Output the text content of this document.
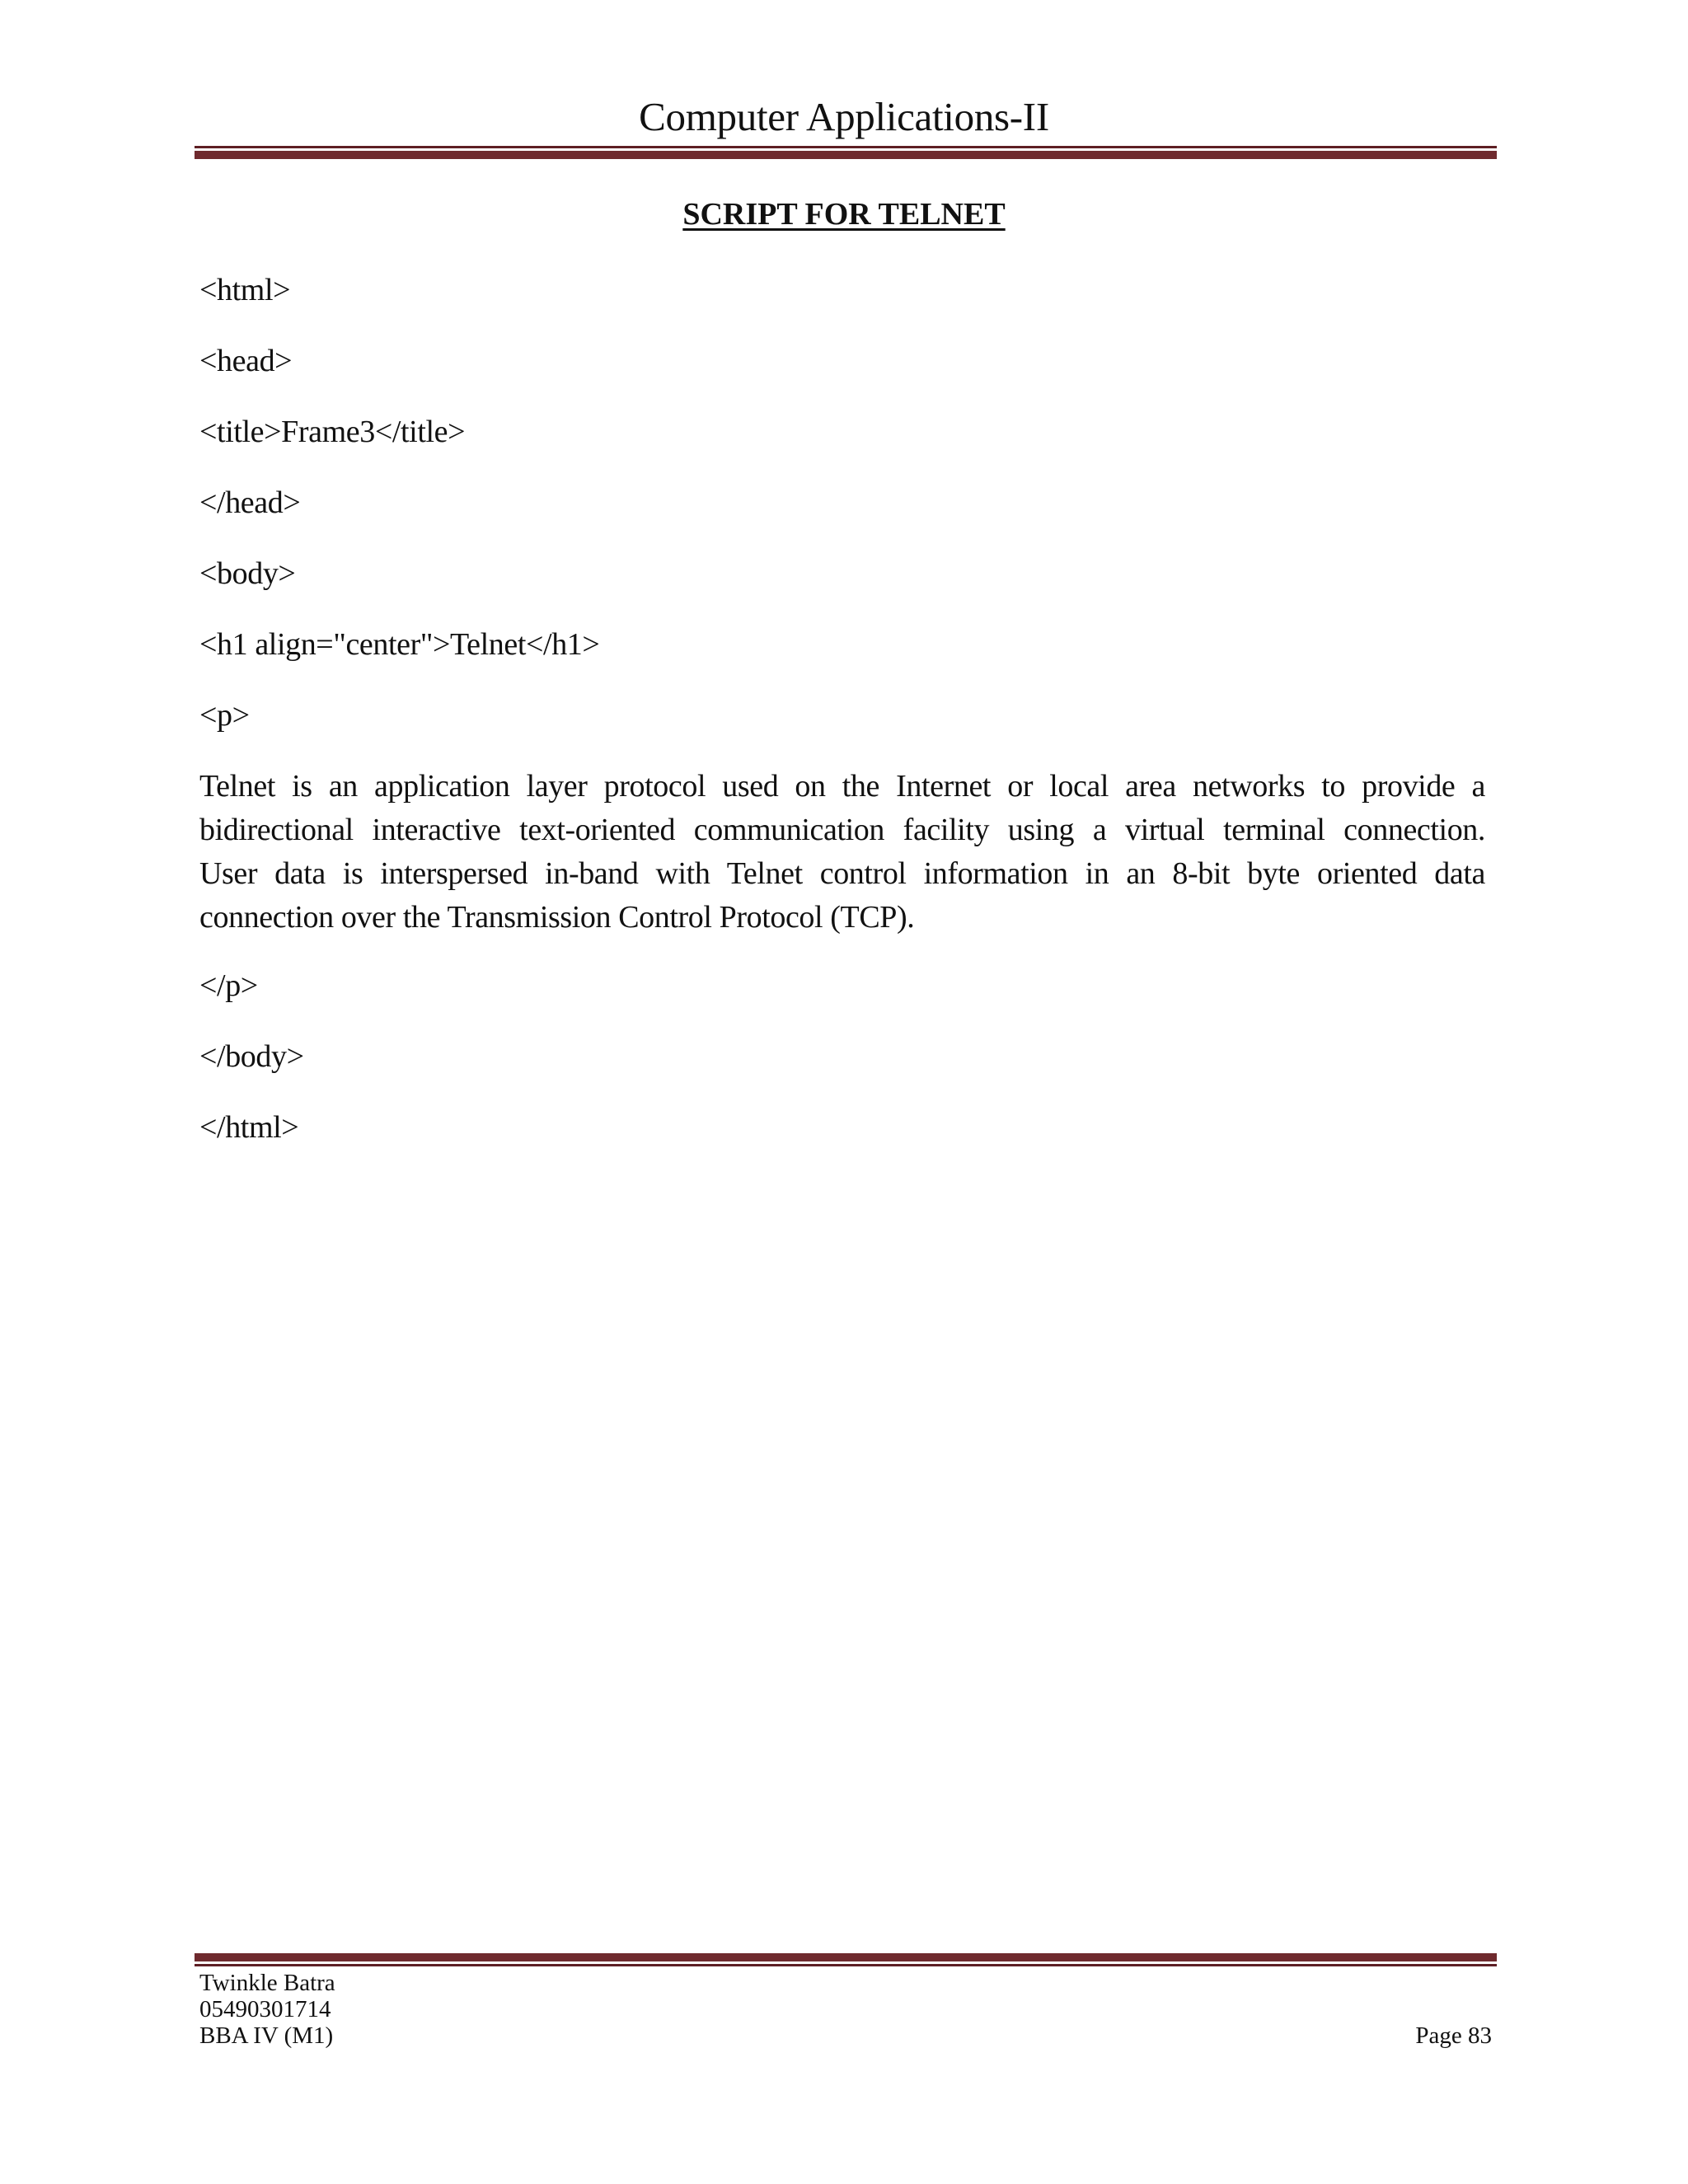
Computer Applications-II
SCRIPT FOR TELNET
<html>
<head>
<title>Frame3</title>
</head>
<body>
<h1 align="center">Telnet</h1>
<p>
Telnet is an application layer protocol used on the Internet or local area networks to provide a
bidirectional interactive text-oriented communication facility using a virtual terminal connection.
User data is interspersed in-band with Telnet control information in an 8-bit byte oriented data
connection over the Transmission Control Protocol (TCP).
</p>
</body>
</html>
Twinkle Batra
05490301714
BBA IV (M1)	Page 83
